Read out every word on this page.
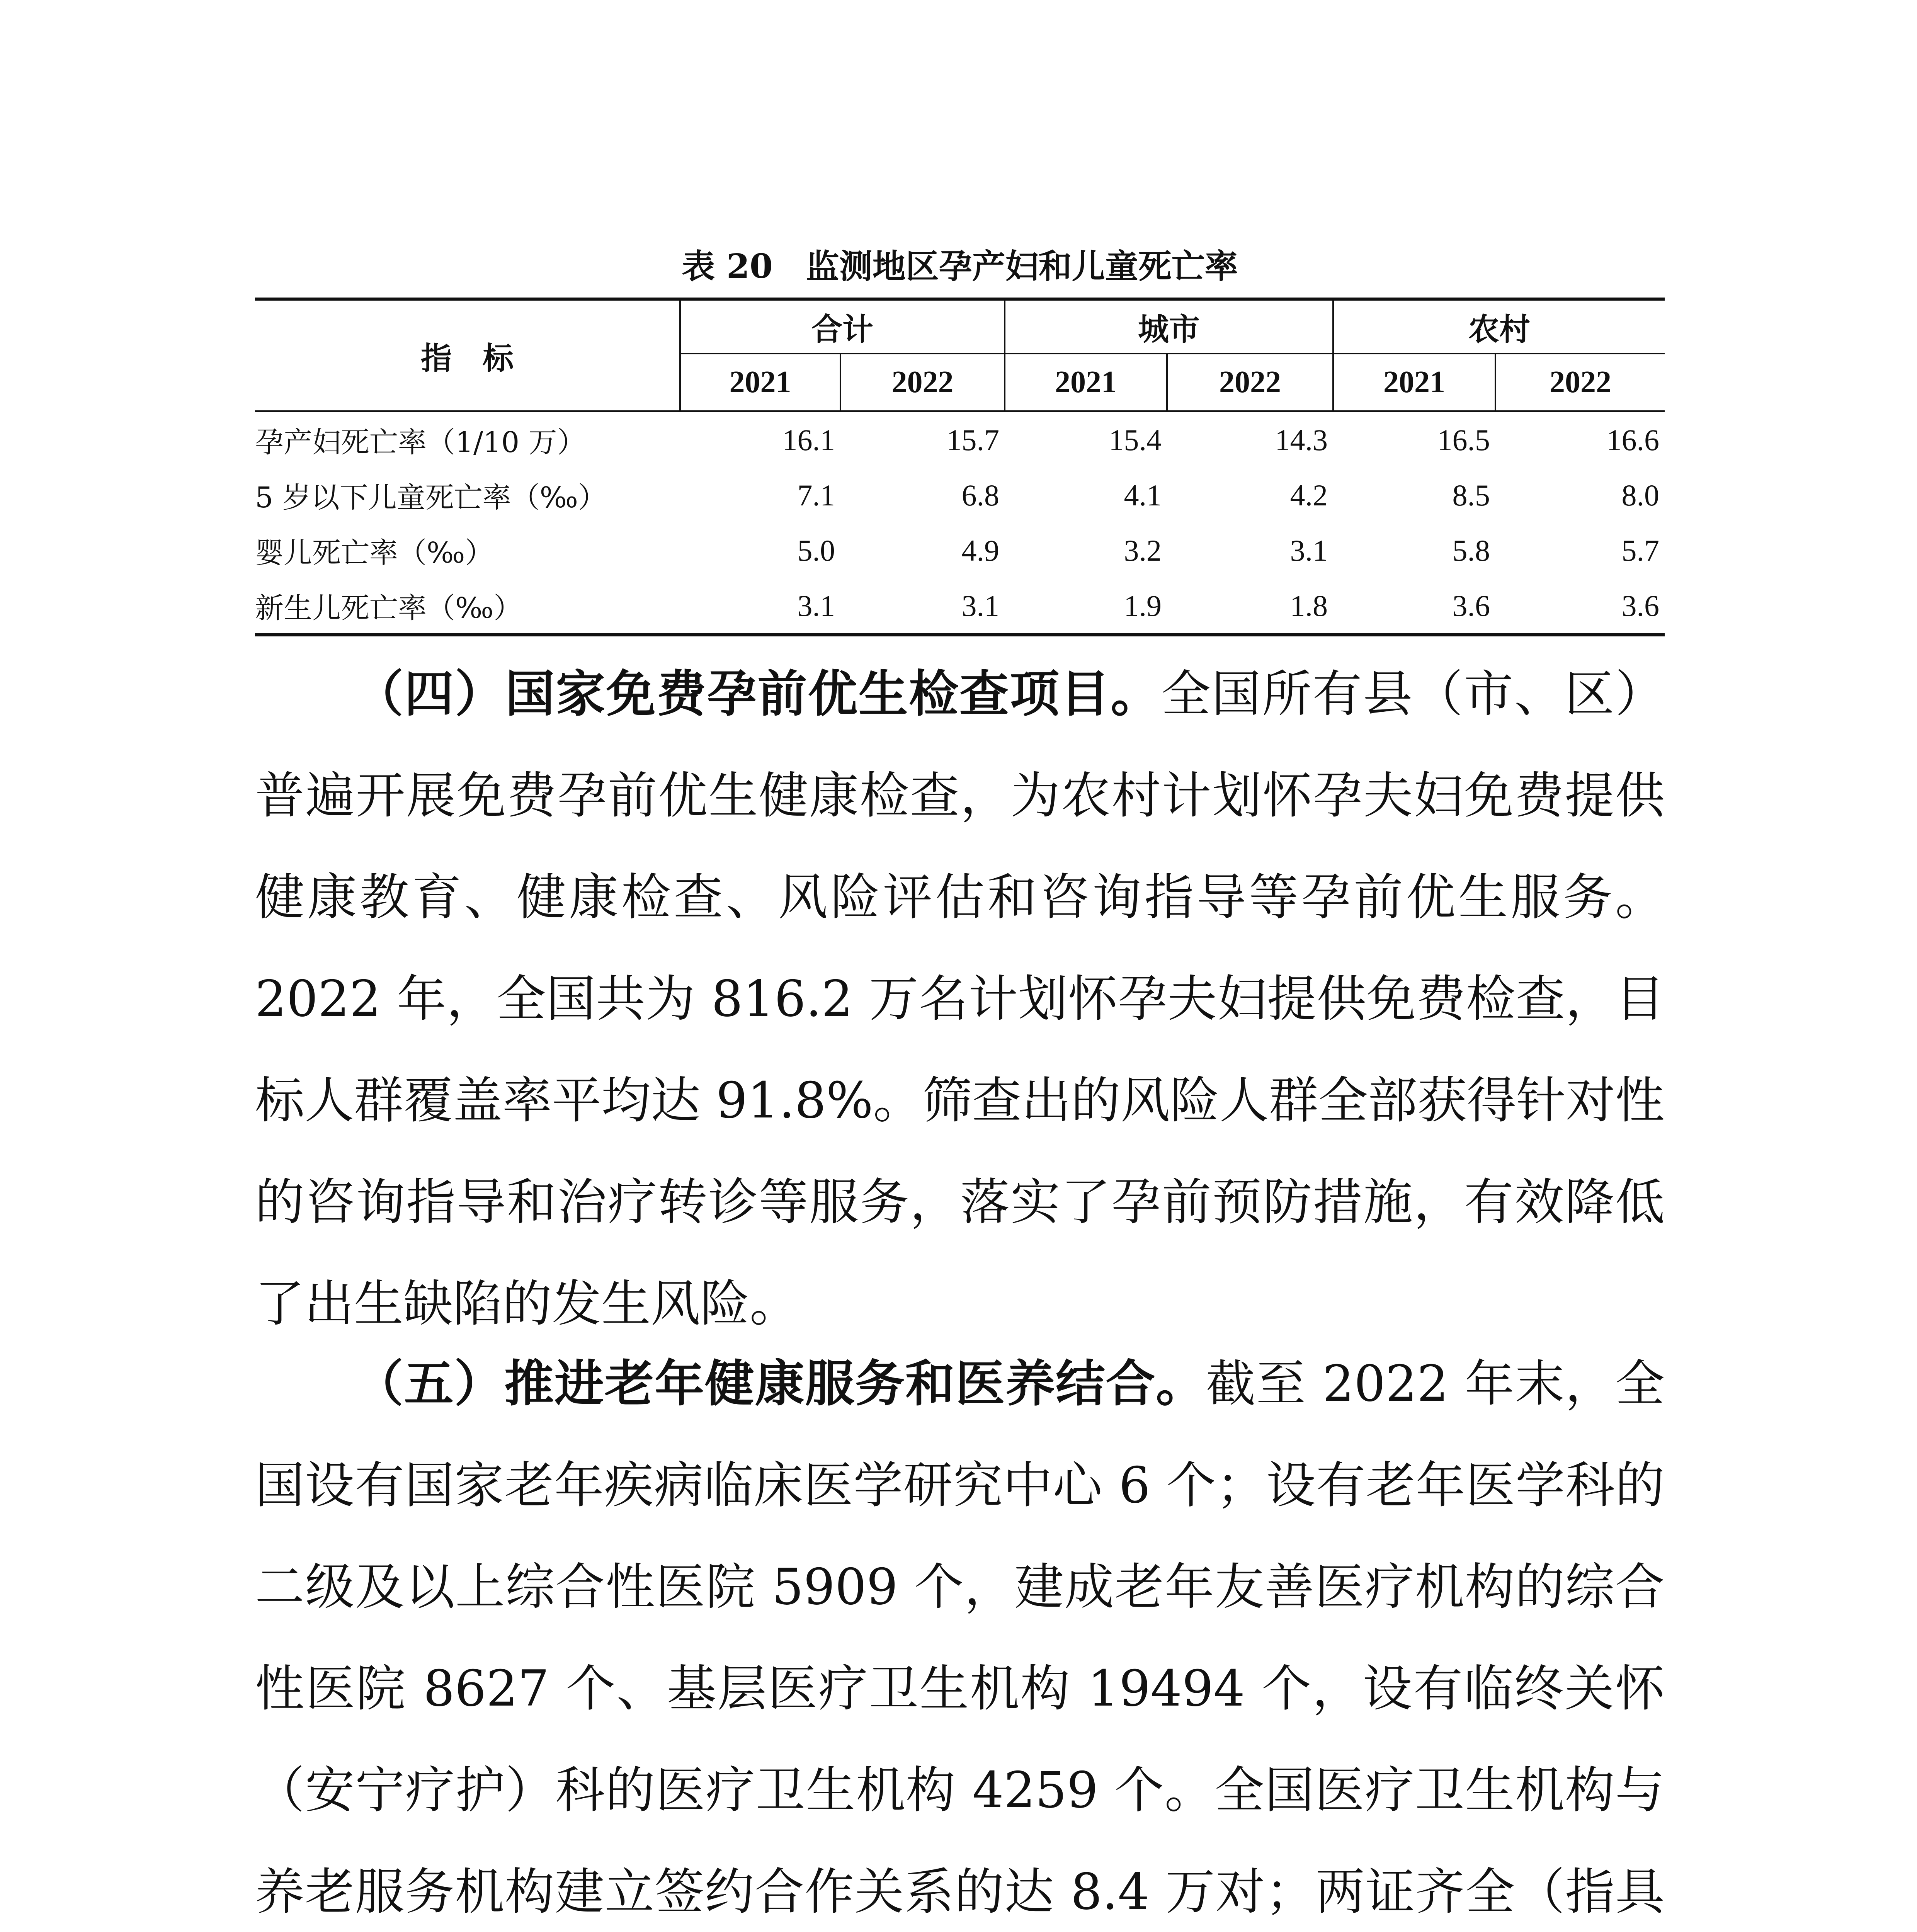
表 20　监测地区孕产妇和儿童死亡率
指　标	合计		城市		农村	
	2021	2022	2021	2022	2021	2022
孕产妇死亡率（1/10 万）	16.1	15.7	15.4	14.3	16.5	16.6
5 岁以下儿童死亡率（‰）	7.1	6.8	4.1	4.2	8.5	8.0
婴儿死亡率（‰）	5.0	4.9	3.2	3.1	5.8	5.7
新生儿死亡率（‰）	3.1	3.1	1.9	1.8	3.6	3.6

（四）国家免费孕前优生检查项目。全国所有县（市、区）普遍开展免费孕前优生健康检查，为农村计划怀孕夫妇免费提供健康教育、健康检查、风险评估和咨询指导等孕前优生服务。2022 年，全国共为 816.2 万名计划怀孕夫妇提供免费检查，目标人群覆盖率平均达 91.8%。筛查出的风险人群全部获得针对性的咨询指导和治疗转诊等服务，落实了孕前预防措施，有效降低了出生缺陷的发生风险。

（五）推进老年健康服务和医养结合。截至 2022 年末，全国设有国家老年疾病临床医学研究中心 6 个；设有老年医学科的二级及以上综合性医院 5909 个，建成老年友善医疗机构的综合性医院 8627 个、基层医疗卫生机构 19494 个，设有临终关怀（安宁疗护）科的医疗卫生机构 4259 个。全国医疗卫生机构与养老服务机构建立签约合作关系的达 8.4 万对；两证齐全（指具
